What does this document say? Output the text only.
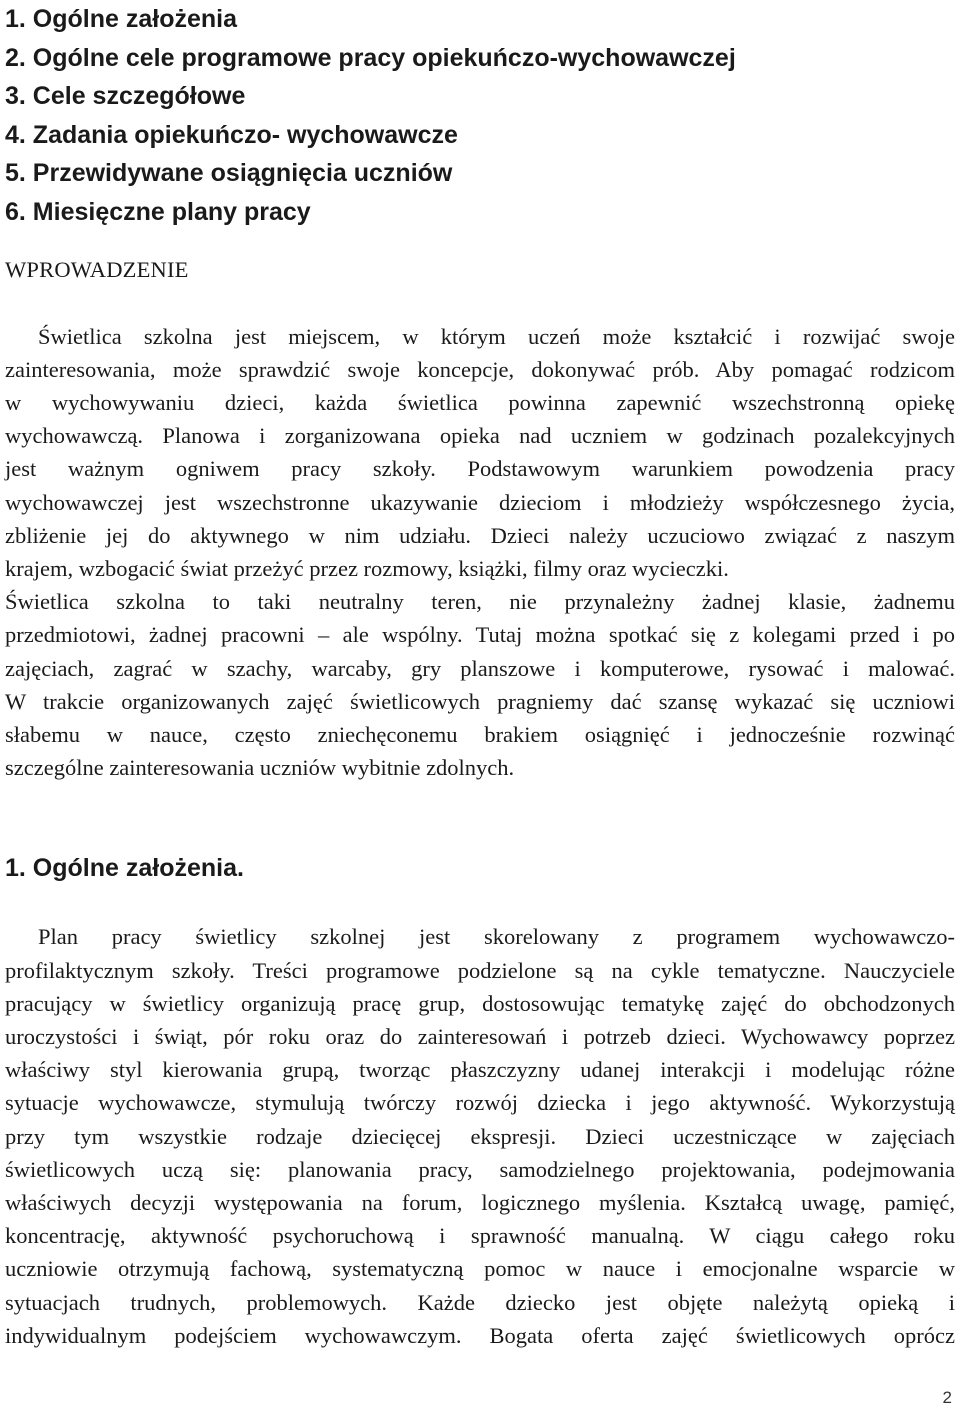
1. Ogólne założenia
2. Ogólne cele programowe pracy opiekuńczo-wychowawczej
3. Cele szczegółowe
4. Zadania opiekuńczo- wychowawcze
5. Przewidywane osiągnięcia uczniów
6. Miesięczne plany pracy
WPROWADZENIE

Świetlica szkolna jest miejscem, w którym uczeń może kształcić i rozwijać swoje
zainteresowania, może sprawdzić swoje koncepcje, dokonywać prób. Aby pomagać rodzicom
w wychowywaniu dzieci, każda świetlica powinna zapewnić wszechstronną opiekę
wychowawczą. Planowa i zorganizowana opieka nad uczniem w godzinach pozalekcyjnych
jest ważnym ogniwem pracy szkoły. Podstawowym warunkiem powodzenia pracy
wychowawczej jest wszechstronne ukazywanie dzieciom i młodzieży współczesnego życia,
zbliżenie jej do aktywnego w nim udziału. Dzieci należy uczuciowo związać z naszym
krajem, wzbogacić świat przeżyć przez rozmowy, książki, filmy oraz wycieczki.
Świetlica szkolna to taki neutralny teren, nie przynależny żadnej klasie, żadnemu
przedmiotowi, żadnej pracowni – ale wspólny. Tutaj można spotkać się z kolegami przed i po
zajęciach, zagrać w szachy, warcaby, gry planszowe i komputerowe, rysować i malować.
W trakcie organizowanych zajęć świetlicowych pragniemy dać szansę wykazać się uczniowi
słabemu w nauce, często zniechęconemu brakiem osiągnięć i jednocześnie rozwinąć
szczególne zainteresowania uczniów wybitnie zdolnych.

1. Ogólne założenia.

Plan pracy świetlicy szkolnej jest skorelowany z programem wychowawczo-
profilaktycznym szkoły. Treści programowe podzielone są na cykle tematyczne. Nauczyciele
pracujący w świetlicy organizują pracę grup, dostosowując tematykę zajęć do obchodzonych
uroczystości i świąt, pór roku oraz do zainteresowań i potrzeb dzieci. Wychowawcy poprzez
właściwy styl kierowania grupą, tworząc płaszczyzny udanej interakcji i modelując różne
sytuacje wychowawcze, stymulują twórczy rozwój dziecka i jego aktywność. Wykorzystują
przy tym wszystkie rodzaje dziecięcej ekspresji. Dzieci uczestniczące w zajęciach
świetlicowych uczą się: planowania pracy, samodzielnego projektowania, podejmowania
właściwych decyzji występowania na forum, logicznego myślenia. Kształcą uwagę, pamięć,
koncentrację, aktywność psychoruchową i sprawność manualną. W ciągu całego roku
uczniowie otrzymują fachową, systematyczną pomoc w nauce i emocjonalne wsparcie w
sytuacjach trudnych, problemowych. Każde dziecko jest objęte należytą opieką i
indywidualnym podejściem wychowawczym. Bogata oferta zajęć świetlicowych oprócz

2
